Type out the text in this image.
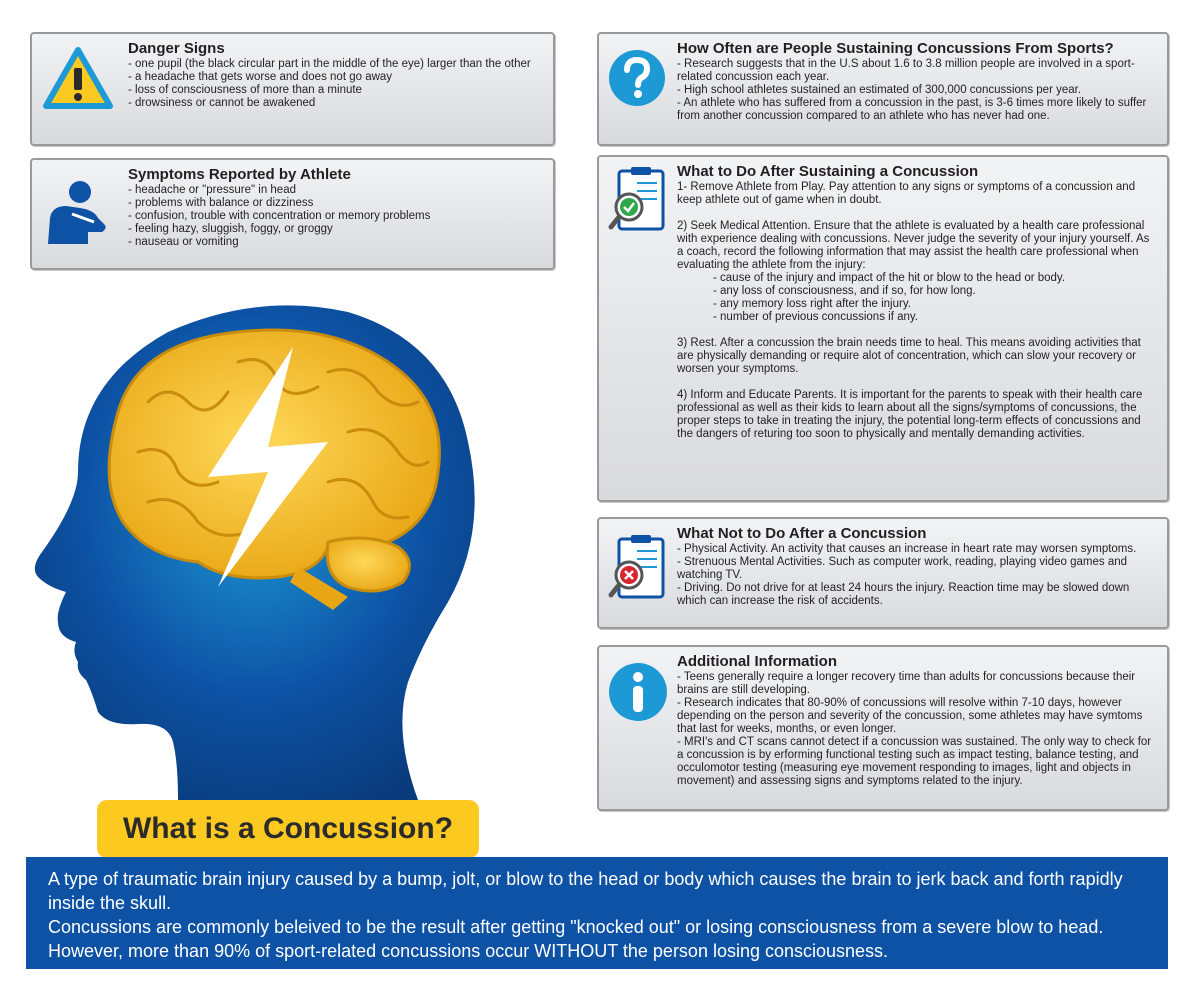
Danger Signs

- one pupil (the black circular part in the middle of the eye) larger than the other

- a headache that gets worse and does not go away

- loss of consciousness of more than a minute

- drowsiness or cannot be awakened

Symptoms Reported by Athlete

- headache or "pressure" in head

- problems with balance or dizziness

- confusion, trouble with concentration or memory problems

- feeling hazy, sluggish, foggy, or groggy

- nauseau or vomiting

What is a Concussion?
How Often are People Sustaining Concussions From Sports?

- Research suggests that in the U.S about 1.6 to 3.8 million people are involved in a sport-related concussion each year.

- High school athletes sustained an estimated of 300,000 concussions per year.

- An athlete who has suffered from a concussion in the past, is 3-6 times more likely to suffer from another concussion compared to an athlete who has never had one.

What to Do After Sustaining a Concussion

1- Remove Athlete from Play. Pay attention to any signs or symptoms of a concussion and keep athlete out of game when in doubt.

2) Seek Medical Attention. Ensure that the athlete is evaluated by a health care professional with experience dealing with concussions. Never judge the severity of your injury yourself. As a coach, record the following information that may assist the health care professional when evaluating the athlete from the injury:

- cause of the injury and impact of the hit or blow to the head or body.

- any loss of consciousness, and if so, for how long.

- any memory loss right after the injury.

- number of previous concussions if any.

3) Rest. After a concussion the brain needs time to heal. This means avoiding activities that are physically demanding or require alot of concentration, which can slow your recovery or worsen your symptoms.

4) Inform and Educate Parents. It is important for the parents to speak with their health care professional as well as their kids to learn about all the signs/symptoms of concussions, the proper steps to take in treating the injury, the potential long-term effects of concussions and the dangers of returing too soon to physically and mentally demanding activities.

What Not to Do After a Concussion

- Physical Activity. An activity that causes an increase in heart rate may worsen symptoms.

- Strenuous Mental Activities. Such as computer work, reading, playing video games and watching TV.

- Driving. Do not drive for at least 24 hours the injury. Reaction time may be slowed down which can increase the risk of accidents.

Additional Information

- Teens generally require a longer recovery time than adults for concussions because their brains are still developing.

- Research indicates that 80-90% of concussions will resolve within 7-10 days, however depending on the person and severity of the concussion, some athletes may have symtoms that last for weeks, months, or even longer.

- MRI's and CT scans cannot detect if a concussion was sustained. The only way to check for a concussion is by erforming functional testing such as impact testing, balance testing, and occulomotor testing (measuring eye movement responding to images, light and objects in movement) and assessing signs and symptoms related to the injury.

A type of traumatic brain injury caused by a bump, jolt, or blow to the head or body which causes the brain to jerk back and forth rapidly inside the skull.

Concussions are commonly beleived to be the result after getting "knocked out" or losing consciousness from a severe blow to head. However, more than 90% of sport-related concussions occur WITHOUT the person losing consciousness.
